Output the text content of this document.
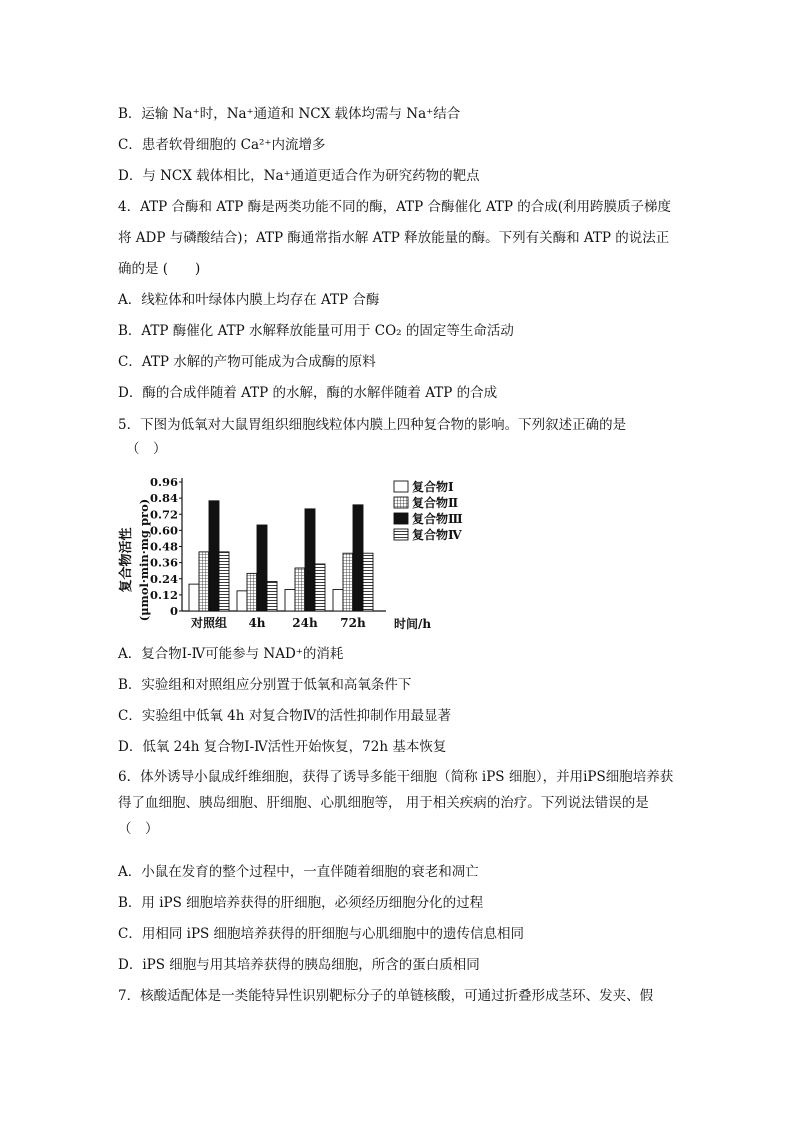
B．运输 Na⁺时，Na⁺通道和 NCX 载体均需与 Na⁺结合
C．患者软骨细胞的 Ca²⁺内流增多
D．与 NCX 载体相比，Na⁺通道更适合作为研究药物的靶点
4．ATP 合酶和 ATP 酶是两类功能不同的酶，ATP 合酶催化 ATP 的合成(利用跨膜质子梯度将 ADP 与磷酸结合)；ATP 酶通常指水解 ATP 释放能量的酶。下列有关酶和 ATP 的说法正确的是 (　　)
A．线粒体和叶绿体内膜上均存在 ATP 合酶
B．ATP 酶催化 ATP 水解释放能量可用于 CO₂ 的固定等生命活动
C．ATP 水解的产物可能成为合成酶的原料
D．酶的合成伴随着 ATP 的水解，酶的水解伴随着 ATP 的合成
5．下图为低氧对大鼠胃组织细胞线粒体内膜上四种复合物的影响。下列叙述正确的是
（　）
复合物活性 (μmol·min·mg pro) 0
0.12
0.24
0.36
0.48
0.60
0.72
0.84
0.96
对照组 4h 24h 72h
复合物Ⅰ
复合物Ⅱ
复合物Ⅲ
复合物Ⅳ
时间/h
A．复合物Ⅰ-Ⅳ可能参与 NAD⁺的消耗
B．实验组和对照组应分别置于低氧和高氧条件下
C．实验组中低氧 4h 对复合物Ⅳ的活性抑制作用最显著
D．低氧 24h 复合物Ⅰ-Ⅳ活性开始恢复，72h 基本恢复
6．体外诱导小鼠成纤维细胞，获得了诱导多能干细胞（简称 iPS 细胞），并用iPS细胞培养获得了血细胞、胰岛细胞、肝细胞、心肌细胞等， 用于相关疾病的治疗。下列说法错误的是 （　）
A．小鼠在发育的整个过程中，一直伴随着细胞的衰老和凋亡
B．用 iPS 细胞培养获得的肝细胞，必须经历细胞分化的过程
C．用相同 iPS 细胞培养获得的肝细胞与心肌细胞中的遗传信息相同
D．iPS 细胞与用其培养获得的胰岛细胞，所含的蛋白质相同
7．核酸适配体是一类能特异性识别靶标分子的单链核酸，可通过折叠形成茎环、发夹、假
